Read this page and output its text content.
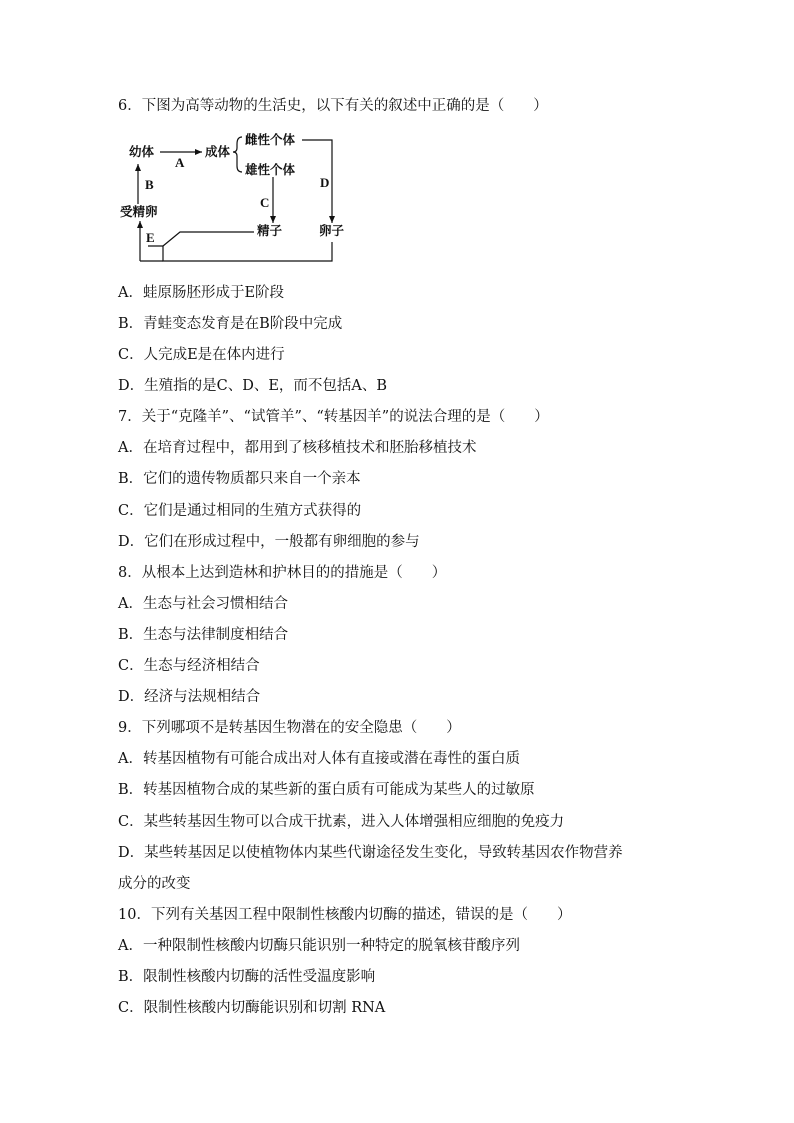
6．下图为高等动物的生活史，以下有关的叙述中正确的是（　　）
幼体	成体
雌性个体
雄性个体
受精卵
精子	卵子
A
B
C
D
E
A．蛙原肠胚形成于E阶段
B．青蛙变态发育是在B阶段中完成
C．人完成E是在体内进行
D．生殖指的是C、D、E，而不包括A、B
7．关于“克隆羊”、“试管羊”、“转基因羊”的说法合理的是（　　）
A．在培育过程中，都用到了核移植技术和胚胎移植技术
B．它们的遗传物质都只来自一个亲本
C．它们是通过相同的生殖方式获得的
D．它们在形成过程中，一般都有卵细胞的参与
8．从根本上达到造林和护林目的的措施是（　　）
A．生态与社会习惯相结合
B．生态与法律制度相结合
C．生态与经济相结合
D．经济与法规相结合
9．下列哪项不是转基因生物潜在的安全隐患（　　）
A．转基因植物有可能合成出对人体有直接或潜在毒性的蛋白质
B．转基因植物合成的某些新的蛋白质有可能成为某些人的过敏原
C．某些转基因生物可以合成干扰素，进入人体增强相应细胞的免疫力
D．某些转基因足以使植物体内某些代谢途径发生变化，导致转基因农作物营养
成分的改变
10．下列有关基因工程中限制性核酸内切酶的描述，错误的是（　　）
A．一种限制性核酸内切酶只能识别一种特定的脱氧核苷酸序列
B．限制性核酸内切酶的活性受温度影响
C．限制性核酸内切酶能识别和切割 RNA
